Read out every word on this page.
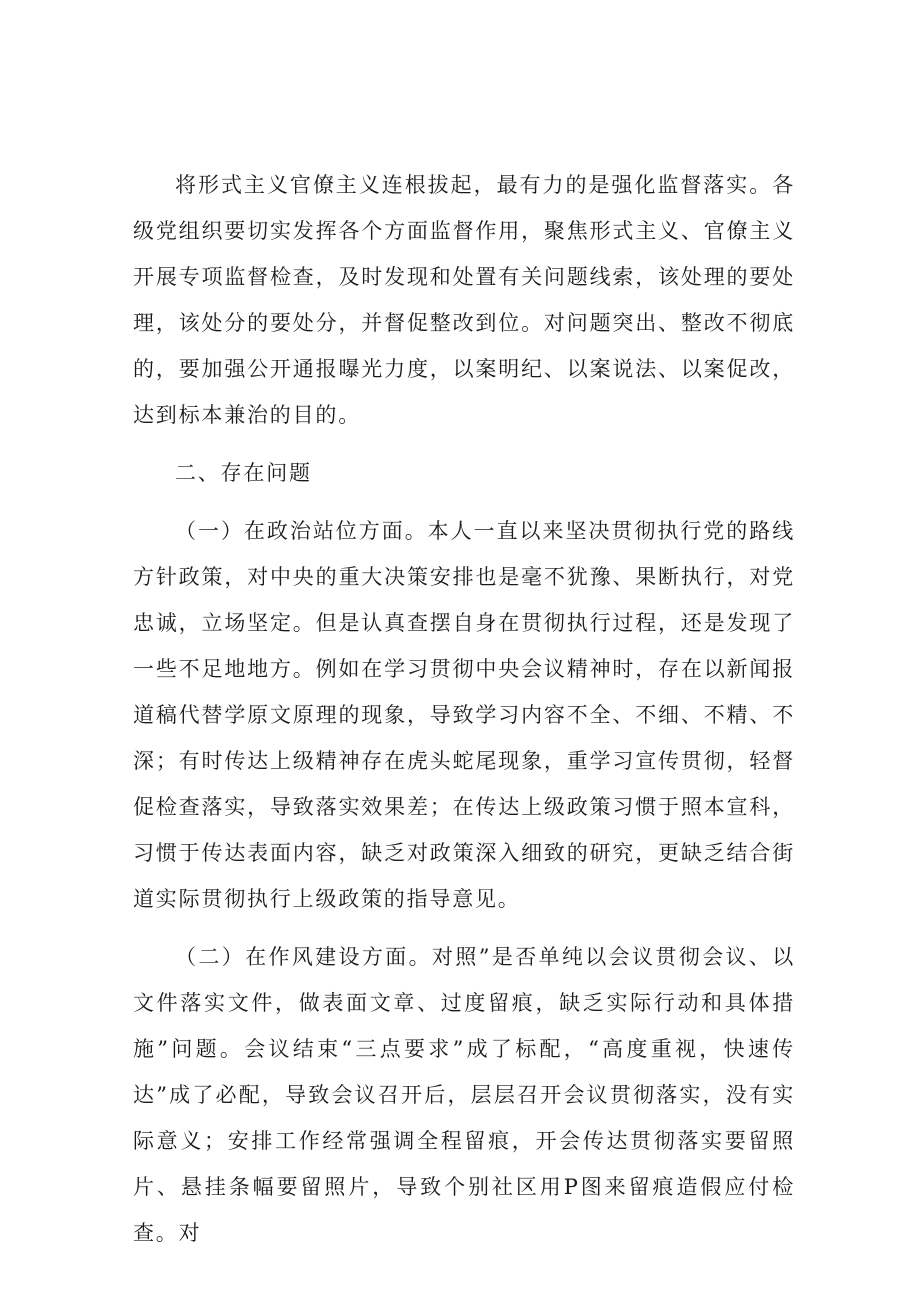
将形式主义官僚主义连根拔起，最有力的是强化监督落实。各级党组织要切实发挥各个方面监督作用，聚焦形式主义、官僚主义开展专项监督检查，及时发现和处置有关问题线索，该处理的要处理，该处分的要处分，并督促整改到位。对问题突出、整改不彻底的，要加强公开通报曝光力度，以案明纪、以案说法、以案促改，达到标本兼治的目的。

二、存在问题

（一）在政治站位方面。本人一直以来坚决贯彻执行党的路线方针政策，对中央的重大决策安排也是毫不犹豫、果断执行，对党忠诚，立场坚定。但是认真查摆自身在贯彻执行过程，还是发现了一些不足地地方。例如在学习贯彻中央会议精神时，存在以新闻报道稿代替学原文原理的现象，导致学习内容不全、不细、不精、不深；有时传达上级精神存在虎头蛇尾现象，重学习宣传贯彻，轻督促检查落实，导致落实效果差；在传达上级政策习惯于照本宣科，习惯于传达表面内容，缺乏对政策深入细致的研究，更缺乏结合街道实际贯彻执行上级政策的指导意见。

（二）在作风建设方面。对照”是否单纯以会议贯彻会议、以文件落实文件，做表面文章、过度留痕，缺乏实际行动和具体措施”问题。会议结束“三点要求”成了标配，“高度重视，快速传达”成了必配，导致会议召开后，层层召开会议贯彻落实，没有实际意义；安排工作经常强调全程留痕，开会传达贯彻落实要留照片、悬挂条幅要留照片，导致个别社区用P图来留痕造假应付检查。对
